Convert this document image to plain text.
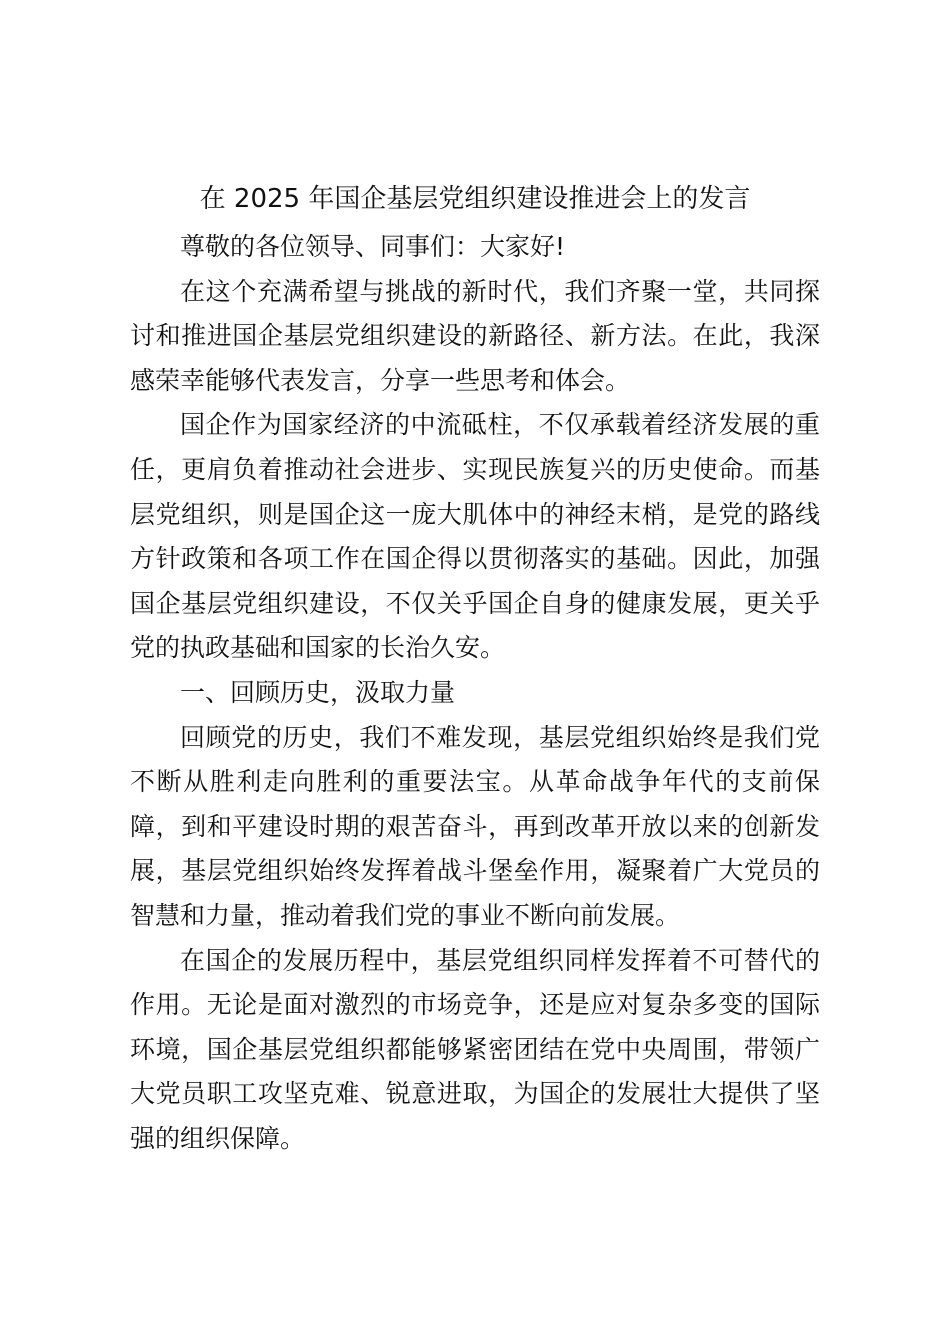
在 2025 年国企基层党组织建设推进会上的发言

尊敬的各位领导、同事们：大家好!

在这个充满希望与挑战的新时代，我们齐聚一堂，共同探讨和推进国企基层党组织建设的新路径、新方法。在此，我深感荣幸能够代表发言，分享一些思考和体会。

国企作为国家经济的中流砥柱，不仅承载着经济发展的重任，更肩负着推动社会进步、实现民族复兴的历史使命。而基层党组织，则是国企这一庞大肌体中的神经末梢，是党的路线方针政策和各项工作在国企得以贯彻落实的基础。因此，加强国企基层党组织建设，不仅关乎国企自身的健康发展，更关乎党的执政基础和国家的长治久安。

一、回顾历史，汲取力量

回顾党的历史，我们不难发现，基层党组织始终是我们党不断从胜利走向胜利的重要法宝。从革命战争年代的支前保障，到和平建设时期的艰苦奋斗，再到改革开放以来的创新发展，基层党组织始终发挥着战斗堡垒作用，凝聚着广大党员的智慧和力量，推动着我们党的事业不断向前发展。

在国企的发展历程中，基层党组织同样发挥着不可替代的作用。无论是面对激烈的市场竞争，还是应对复杂多变的国际环境，国企基层党组织都能够紧密团结在党中央周围，带领广大党员职工攻坚克难、锐意进取，为国企的发展壮大提供了坚强的组织保障。
